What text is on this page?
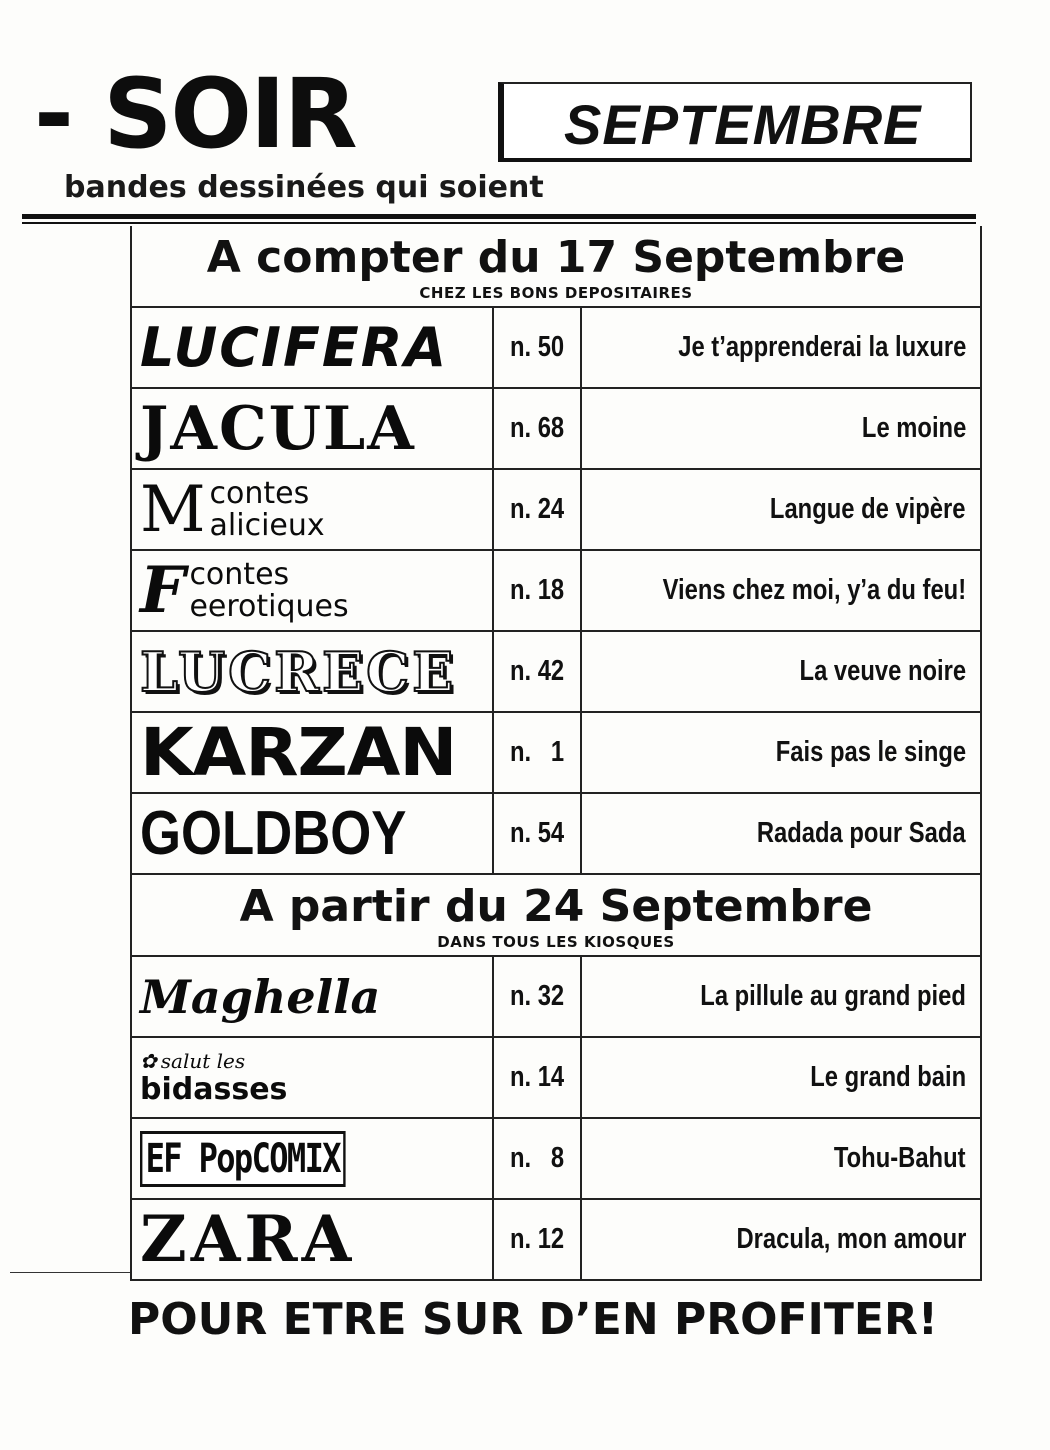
- SOIR	SEPTEMBRE
bandes dessinées qui soient
A compter du 17 Septembre
CHEZ LES BONS DEPOSITAIRES
LUCIFERA n. 50	Je t’apprenderai la luxure
JACULA	n. 68	Le moine
M contes
alicieux	n. 24	Langue de vipère
F contes
eerotiques	n. 18	Viens chez moi, y’a du feu!
LUCRECE n. 42	La veuve noire
KARZAN n.   1	Fais pas le singe
GOLDBOY	n. 54	Radada pour Sada
A partir du 24 Septembre
DANS TOUS LES KIOSQUES
Maghella	n. 32	La pillule au grand pied
✿ salut les
bidasses	n. 14	Le grand bain
EF PopCOMIX	n.   8	Tohu-Bahut
ZARA	n. 12	Dracula, mon amour
POUR ETRE SUR D’EN PROFITER!
